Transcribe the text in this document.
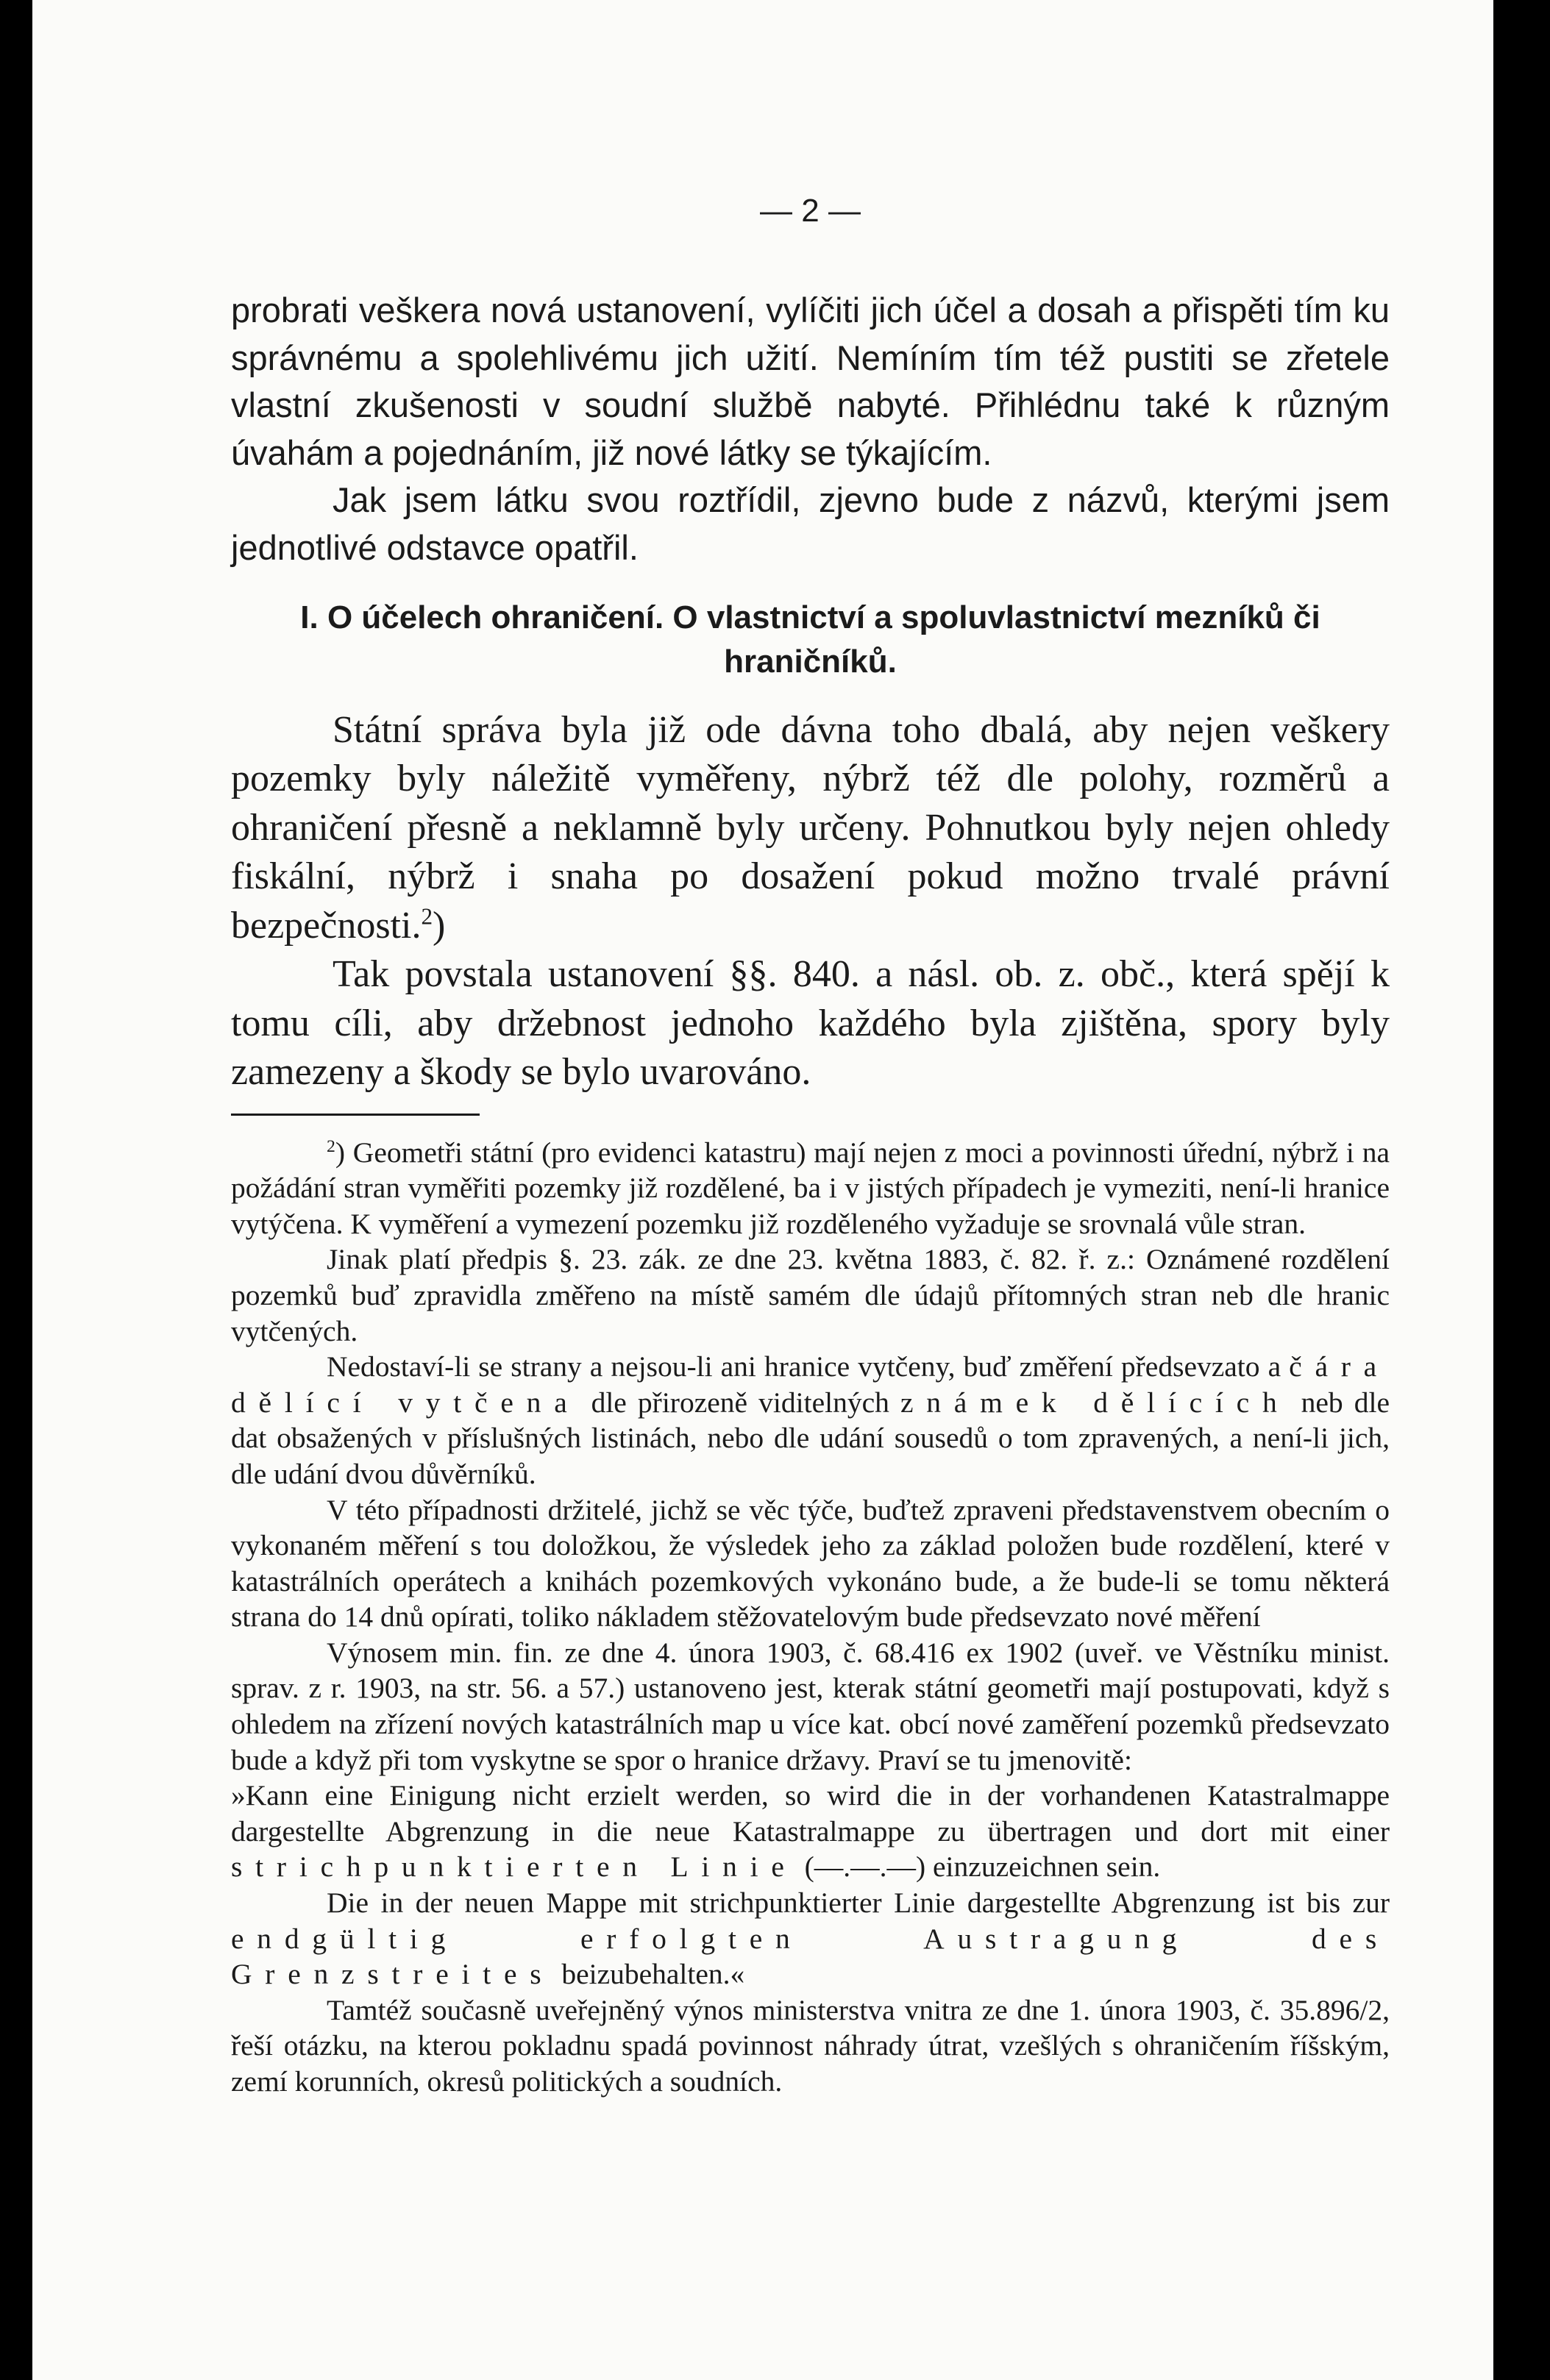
— 2 —

probrati veškera nová ustanovení, vylíčiti jich účel a dosah a přispěti tím ku správnému a spolehlivému jich užití. Nemíním tím též pustiti se zřetele vlastní zkušenosti v soudní službě nabyté. Přihlédnu také k různým úvahám a pojednáním, již nové látky se týkajícím.

Jak jsem látku svou roztřídil, zjevno bude z názvů, kterými jsem jednotlivé odstavce opatřil.

I. O účelech ohraničení. O vlastnictví a spoluvlastnictví mezníků či hraničníků.

Státní správa byla již ode dávna toho dbalá, aby nejen veškery pozemky byly náležitě vyměřeny, nýbrž též dle polohy, rozměrů a ohraničení přesně a neklamně byly určeny. Pohnutkou byly nejen ohledy fiskální, nýbrž i snaha po dosažení pokud možno trvalé právní bezpečnosti.$^2$)

Tak povstala ustanovení §§. 840. a násl. ob. z. obč., která spějí k tomu cíli, aby držebnost jednoho každého byla zjištěna, spory byly zamezeny a škody se bylo uvarováno.

$^2$) Geometři státní (pro evidenci katastru) mají nejen z moci a povinnosti úřední, nýbrž i na požádání stran vyměřiti pozemky již rozdělené, ba i v jistých případech je vymeziti, není-li hranice vytýčena. K vyměření a vymezení pozemku již rozděleného vyžaduje se srovnalá vůle stran.

Jinak platí předpis §. 23. zák. ze dne 23. května 1883, č. 82. ř. z.: Oznámené rozdělení pozemků buď zpravidla změřeno na místě samém dle údajů přítomných stran neb dle hranic vytčených.

Nedostaví-li se strany a nejsou-li ani hranice vytčeny, buď změření předsevzato a čára dělící vytčena dle přirozeně viditelných známek dělících neb dle dat obsažených v příslušných listinách, nebo dle udání sousedů o tom zpravených, a není-li jich, dle udání dvou důvěrníků.

V této případnosti držitelé, jichž se věc týče, buďtež zpraveni představenstvem obecním o vykonaném měření s tou doložkou, že výsledek jeho za základ položen bude rozdělení, které v katastrálních operátech a knihách pozemkových vykonáno bude, a že bude-li se tomu některá strana do 14 dnů opírati, toliko nákladem stěžovatelovým bude předsevzato nové měření

Výnosem min. fin. ze dne 4. února 1903, č. 68.416 ex 1902 (uveř. ve Věstníku minist. sprav. z r. 1903, na str. 56. a 57.) ustanoveno jest, kterak státní geometři mají postupovati, když s ohledem na zřízení nových katastrálních map u více kat. obcí nové zaměření pozemků předsevzato bude a když při tom vyskytne se spor o hranice državy. Praví se tu jmenovitě:

»Kann eine Einigung nicht erzielt werden, so wird die in der vorhandenen Katastralmappe dargestellte Abgrenzung in die neue Katastralmappe zu übertragen und dort mit einer strichpunktierten Linie (—.—.—) einzuzeichnen sein.

Die in der neuen Mappe mit strichpunktierter Linie dargestellte Abgrenzung ist bis zur endgültig erfolgten Austragung des Grenzstreites beizubehalten.«

Tamtéž současně uveřejněný výnos ministerstva vnitra ze dne 1. února 1903, č. 35.896/2, řeší otázku, na kterou pokladnu spadá povinnost náhrady útrat, vzešlých s ohraničením říšským, zemí korunních, okresů politických a soudních.
